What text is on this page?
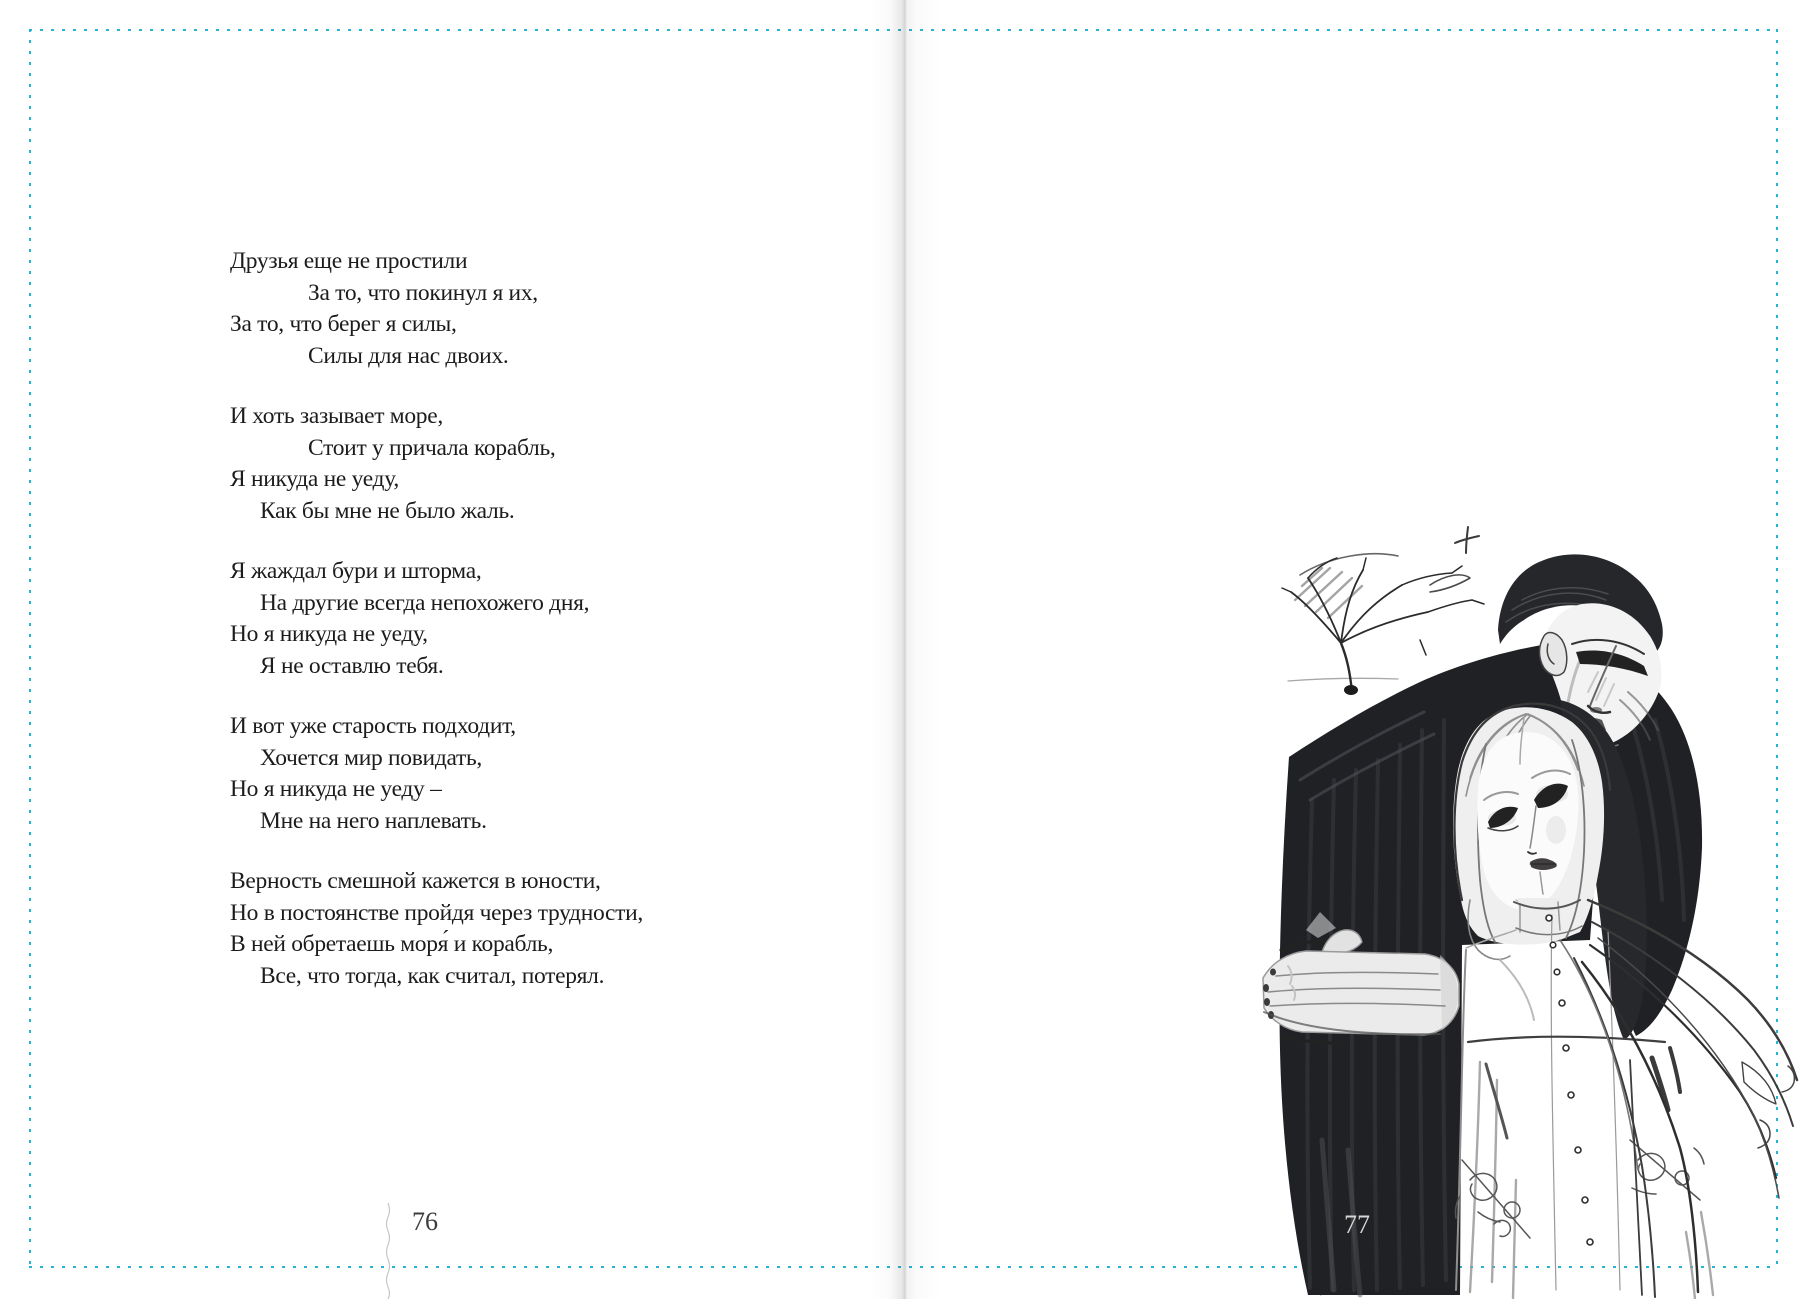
Друзья еще не простили
За то, что покинул я их,
За то, что берег я силы,
Силы для нас двоих.
И хоть зазывает море,
Стоит у причала корабль,
Я никуда не уеду,
Как бы мне не было жаль.
Я жаждал бури и шторма,
На другие всегда непохожего дня,
Но я никуда не уеду,
Я не оставлю тебя.
И вот уже старость подходит,
Хочется мир повидать,
Но я никуда не уеду –
Мне на него наплевать.
Верность смешной кажется в юности,
Но в постоянстве пройдя через трудности,
В ней обретаешь моря́ и корабль,
Все, что тогда, как считал, потерял.
76	77
